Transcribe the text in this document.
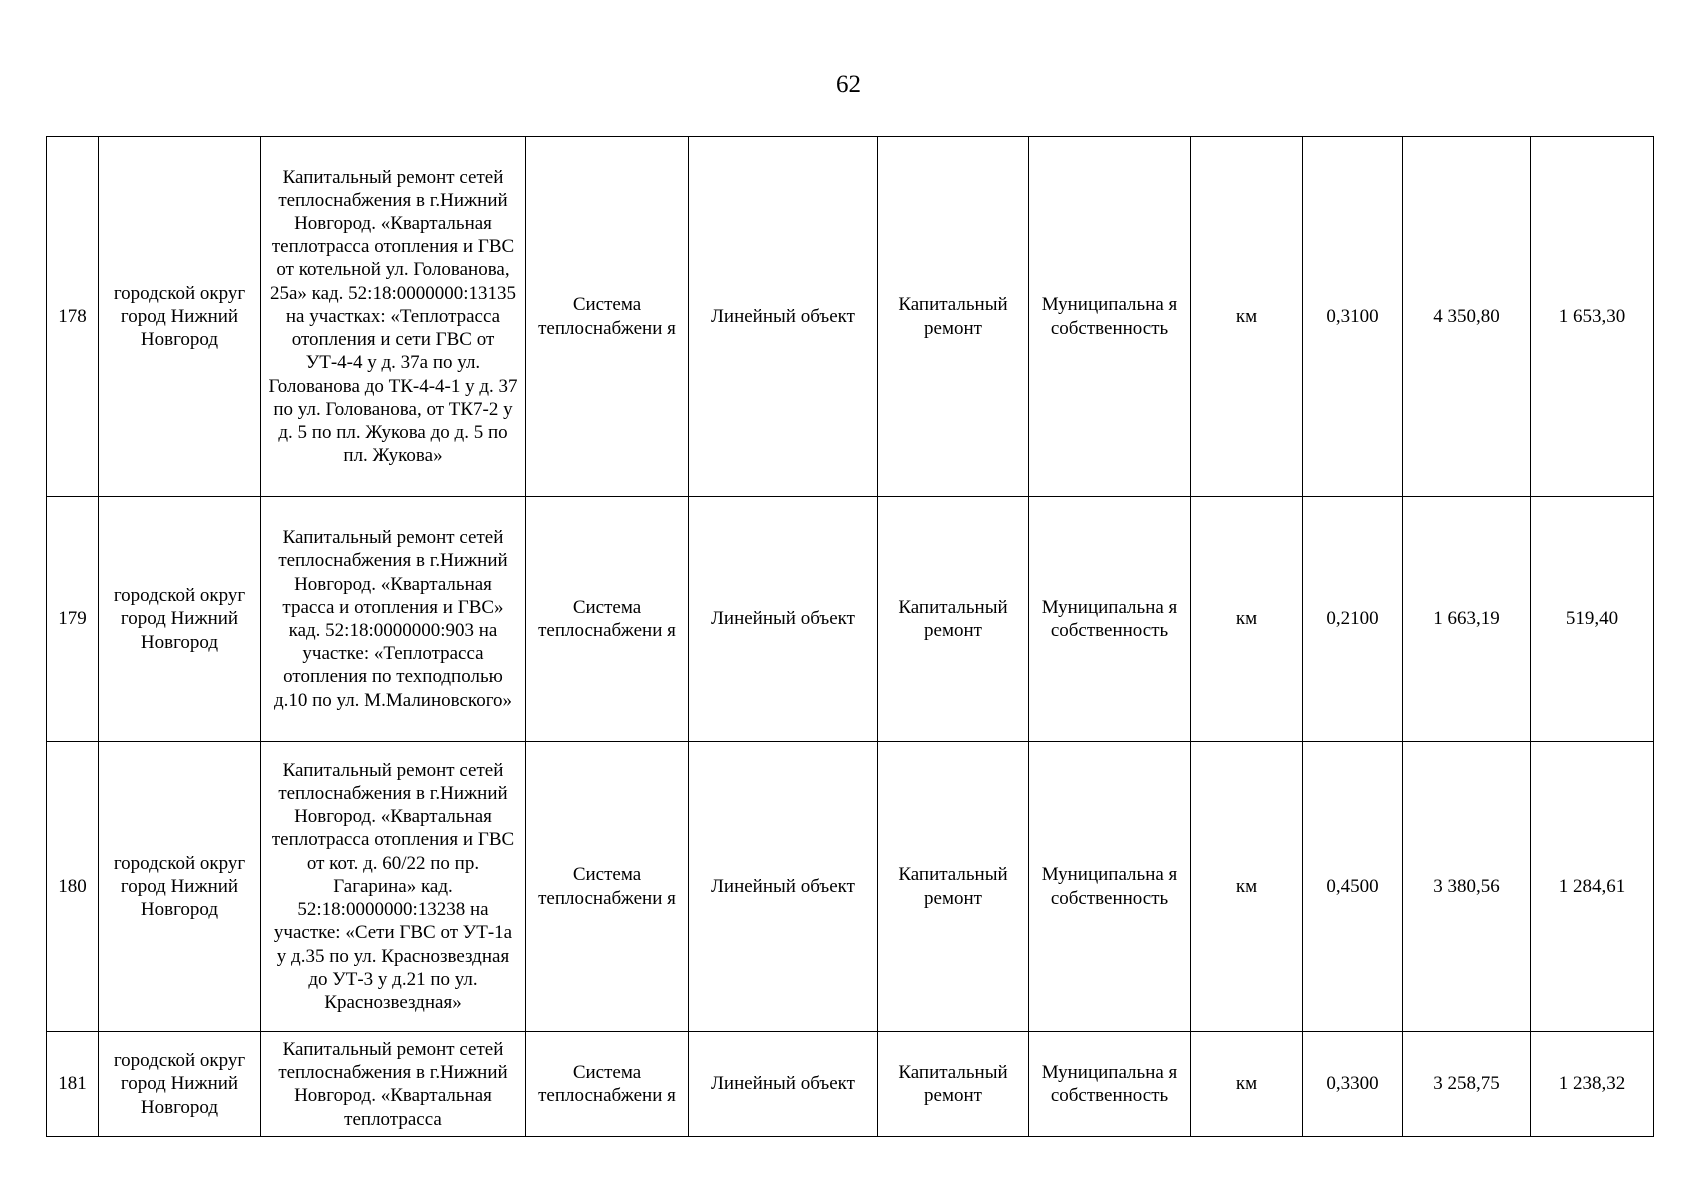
62
178	городской округ город Нижний Новгород	Капитальный ремонт сетей теплоснабжения в г.Нижний Новгород. «Квартальная теплотрасса отопления и ГВС от котельной ул. Голованова, 25а» кад. 52:18:0000000:13135 на участках: «Теплотрасса отопления и сети ГВС от УТ-4-4 у д. 37а по ул. Голованова до ТК-4-4-1 у д. 37 по ул. Голованова, от ТК7-2 у д. 5 по пл. Жукова до д. 5 по пл. Жукова»	Система теплоснабжени я	Линейный объект	Капитальный ремонт	Муниципальна я собственность	км	0,3100	4 350,80	1 653,30
179	городской округ город Нижний Новгород	Капитальный ремонт сетей теплоснабжения в г.Нижний Новгород. «Квартальная трасса и отопления и ГВС» кад. 52:18:0000000:903 на участке: «Теплотрасса отопления по техподполью д.10 по ул. М.Малиновского»	Система теплоснабжени я	Линейный объект	Капитальный ремонт	Муниципальна я собственность	км	0,2100	1 663,19	519,40
180	городской округ город Нижний Новгород	Капитальный ремонт сетей теплоснабжения в г.Нижний Новгород. «Квартальная теплотрасса отопления и ГВС от кот. д. 60/22 по пр. Гагарина» кад. 52:18:0000000:13238 на участке: «Сети ГВС от УТ-1а у д.35 по ул. Краснозвездная до УТ-3 у д.21 по ул. Краснозвездная»	Система теплоснабжени я	Линейный объект	Капитальный ремонт	Муниципальна я собственность	км	0,4500	3 380,56	1 284,61
181	городской округ город Нижний Новгород	Капитальный ремонт сетей теплоснабжения в г.Нижний Новгород. «Квартальная теплотрасса	Система теплоснабжени я	Линейный объект	Капитальный ремонт	Муниципальна я собственность	км	0,3300	3 258,75	1 238,32
